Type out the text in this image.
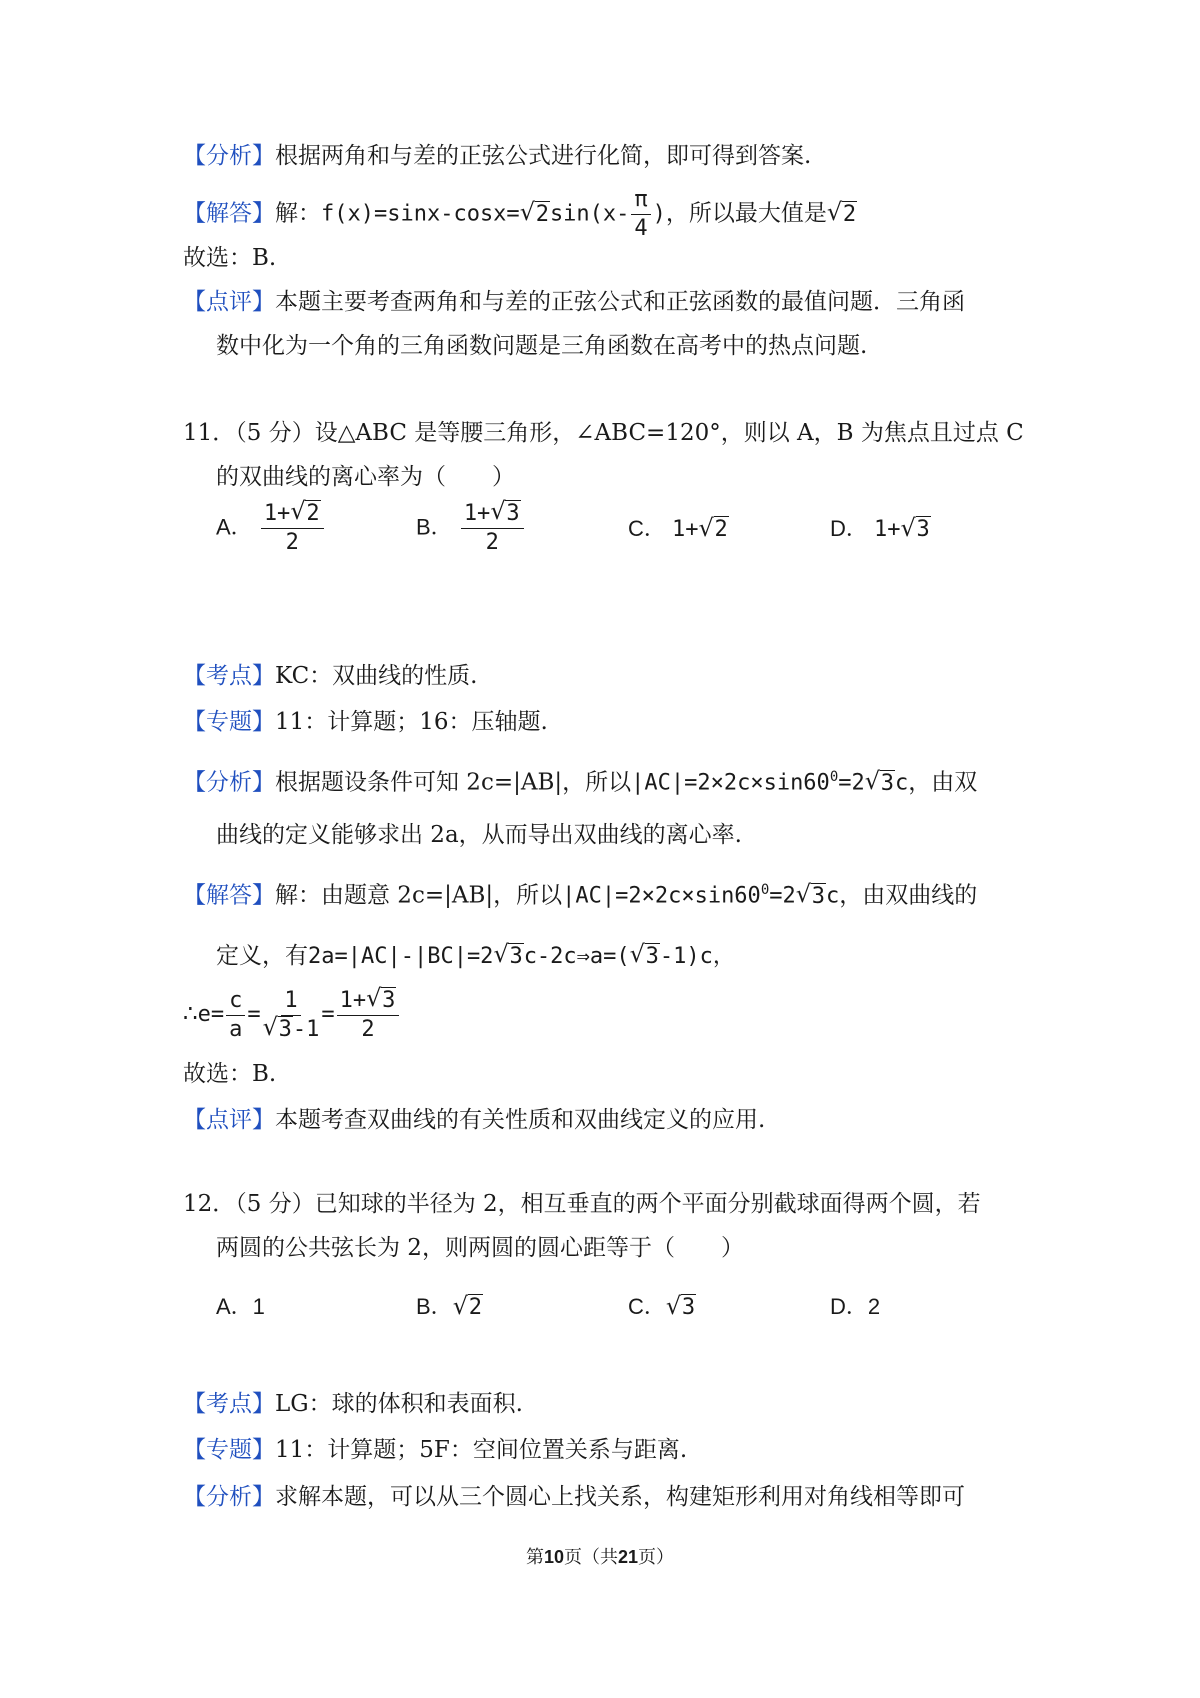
【分析】根据两角和与差的正弦公式进行化简，即可得到答案.
【解答】解：f(x)=sinx-cosx=√ $2\sin(x- \frac{\pi}{4}$ )，所以最大值是√ 2
故选：B.
【点评】本题主要考查两角和与差的正弦公式和正弦函数的最值问题．三角函
数中化为一个角的三角函数问题是三角函数在高考中的热点问题.
11．（5 分）设△ABC 是等腰三角形，∠ABC=120°，则以 A，B 为焦点且过点 C
的双曲线的离心率为（　　）
A． $\frac{1+√ 2}{2}$	B． $\frac{1+√ 3}{2}$	C． 1+√ 2	D． 1+√ 3
【考点】KC：双曲线的性质.
【专题】11：计算题；16：压轴题.
【分析】根据题设条件可知 2c=|AB|，所以$|AC|=2\times 2c\times\sin 60^0=2√$ 3c，由双
曲线的定义能够求出 2a，从而导出双曲线的离心率.
【解答】解：由题意 2c=|AB|，所以$|AC|=2\times 2c\times\sin 60^0=2√$ 3c，由双曲线的
定义，有2a=|AC|-|BC|=2√ 3c-2c⇒a=(√ 3-1)c，
∴e= $\frac{c}{a} = 1$
√ $3-1 = \frac{1+√ 3}{2}$
故选：B.
【点评】本题考查双曲线的有关性质和双曲线定义的应用.
12．（5 分）已知球的半径为 2，相互垂直的两个平面分别截球面得两个圆，若
两圆的公共弦长为 2，则两圆的圆心距等于（　　）
A．1	B．√ 2	C．√ 3	D．2
【考点】LG：球的体积和表面积.
【专题】11：计算题；5F：空间位置关系与距离.
【分析】求解本题，可以从三个圆心上找关系，构建矩形利用对角线相等即可
第10页（共21页）
